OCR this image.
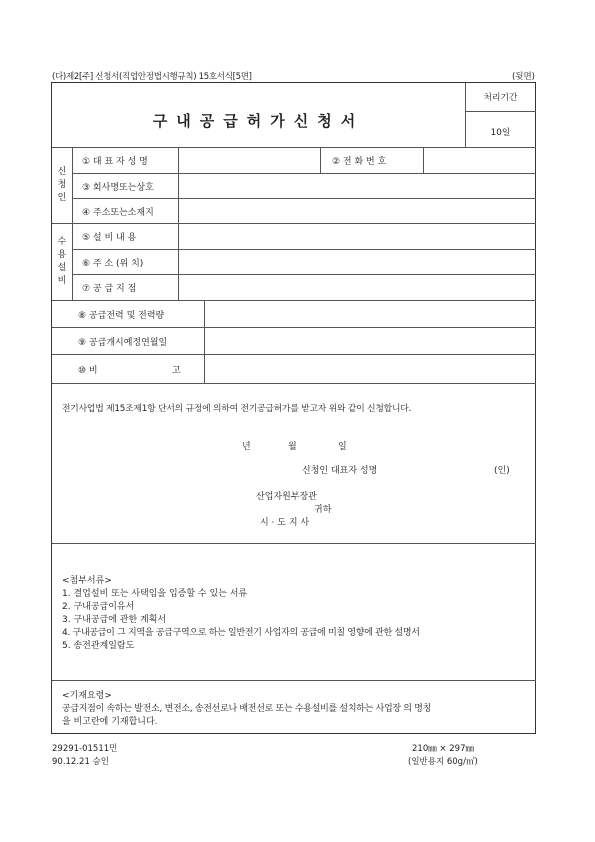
(다)제2[주] 신청서(직업안정법시행규칙) 15호서식[5면]	(뒷면)
구내공급허가신청서
처리기간
10일
신
청
인
① 대 표 자 성 명	② 전 화 번 호
③ 회사명또는상호
④ 주소또는소재지
수
용
설
비
⑤ 설 비 내 용
⑥ 주 소 (위 치)
⑦ 공 급 지 점
⑧ 공급전력 및 전력량
⑨ 공급개시예정연월일
⑩ 비	고
전기사업법 제15조제1항 단서의 규정에 의하여 전기공급허가를 받고자 위와 같이 신청합니다.
년	월	일
신청인 대표자 성명	(인)
산업자원부장관
귀하
시 · 도 지 사
<첨부서류>
1. 결업설비 또는 사택임을 입증할 수 있는 서류
2. 구내공급이유서
3. 구내공급에 관한 계획서
4. 구내공급이 그 지역을 공급구역으로 하는 일반전기 사업자의 공급에 미칠 영향에 관한 설명서
5. 송전관계일람도
<기재요령>
공급지점이 속하는 발전소, 변전소, 송전선로나 배전선로 또는 수용설비를 설치하는 사업장 의 명칭
을 비고란에 기재합니다.
29291-01511민
90.12.21 승인
210㎜ × 297㎜
(일반용지 60g/㎡)
